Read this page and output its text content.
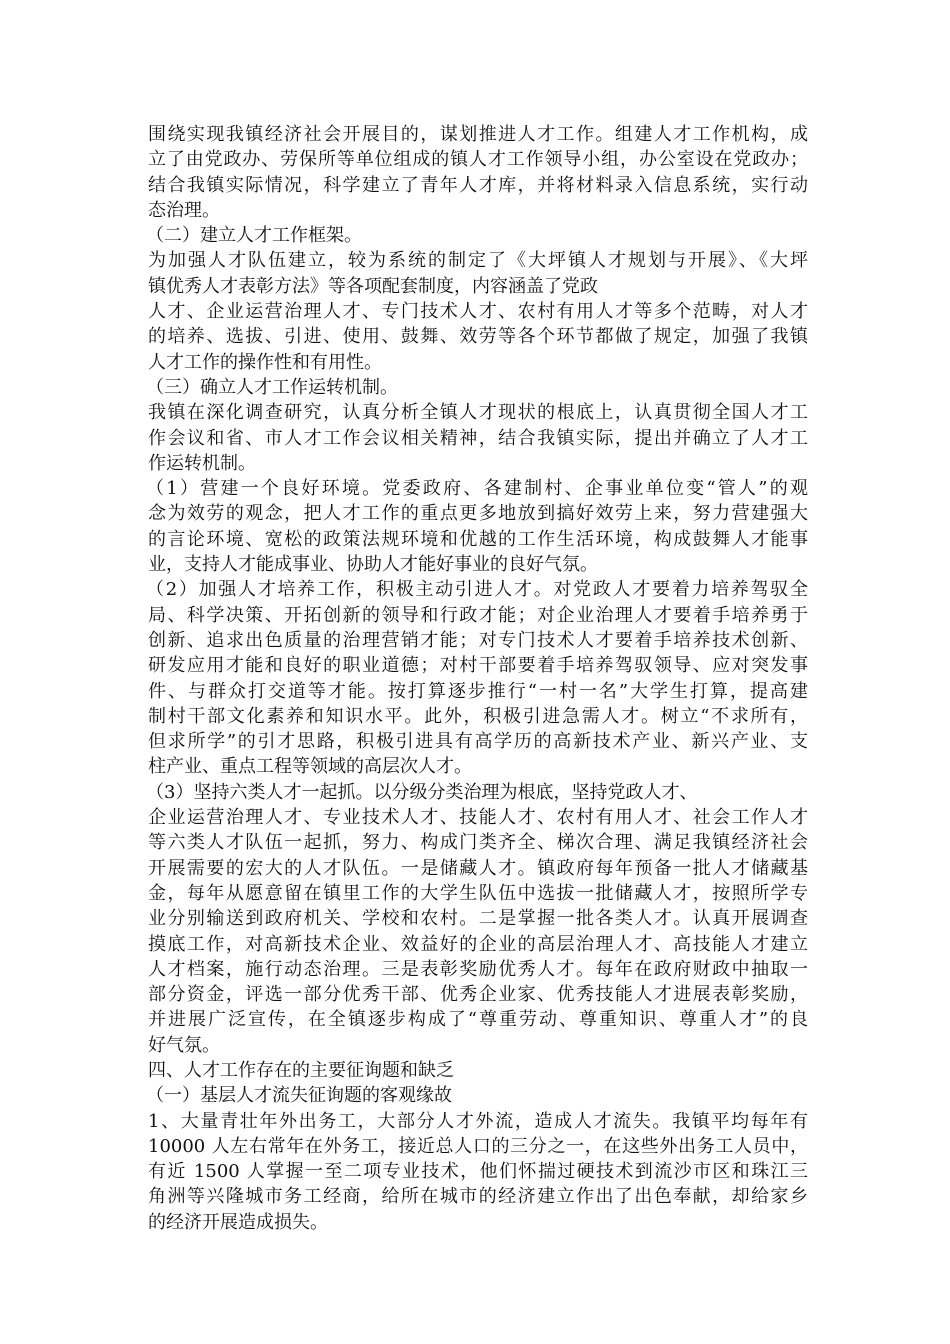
围绕实现我镇经济社会开展目的，谋划推进人才工作。组建人才工作机构，成
立了由党政办、劳保所等单位组成的镇人才工作领导小组，办公室设在党政办；
结合我镇实际情况，科学建立了青年人才库，并将材料录入信息系统，实行动
态治理。
（二）建立人才工作框架。
为加强人才队伍建立，较为系统的制定了《大坪镇人才规划与开展》、《大坪
镇优秀人才表彰方法》等各项配套制度，内容涵盖了党政
人才、企业运营治理人才、专门技术人才、农村有用人才等多个范畴，对人才
的培养、选拔、引进、使用、鼓舞、效劳等各个环节都做了规定，加强了我镇
人才工作的操作性和有用性。
（三）确立人才工作运转机制。
我镇在深化调查研究，认真分析全镇人才现状的根底上，认真贯彻全国人才工
作会议和省、市人才工作会议相关精神，结合我镇实际，提出并确立了人才工
作运转机制。
（1）营建一个良好环境。党委政府、各建制村、企事业单位变“管人”的观
念为效劳的观念，把人才工作的重点更多地放到搞好效劳上来，努力营建强大
的言论环境、宽松的政策法规环境和优越的工作生活环境，构成鼓舞人才能事
业，支持人才能成事业、协助人才能好事业的良好气氛。
（2）加强人才培养工作，积极主动引进人才。对党政人才要着力培养驾驭全
局、科学决策、开拓创新的领导和行政才能；对企业治理人才要着手培养勇于
创新、追求出色质量的治理营销才能；对专门技术人才要着手培养技术创新、
研发应用才能和良好的职业道德；对村干部要着手培养驾驭领导、应对突发事
件、与群众打交道等才能。按打算逐步推行“一村一名”大学生打算，提高建
制村干部文化素养和知识水平。此外，积极引进急需人才。树立“不求所有，
但求所学”的引才思路，积极引进具有高学历的高新技术产业、新兴产业、支
柱产业、重点工程等领域的高层次人才。
（3）坚持六类人才一起抓。以分级分类治理为根底，坚持党政人才、
企业运营治理人才、专业技术人才、技能人才、农村有用人才、社会工作人才
等六类人才队伍一起抓，努力、构成门类齐全、梯次合理、满足我镇经济社会
开展需要的宏大的人才队伍。一是储藏人才。镇政府每年预备一批人才储藏基
金，每年从愿意留在镇里工作的大学生队伍中选拔一批储藏人才，按照所学专
业分别输送到政府机关、学校和农村。二是掌握一批各类人才。认真开展调查
摸底工作，对高新技术企业、效益好的企业的高层治理人才、高技能人才建立
人才档案，施行动态治理。三是表彰奖励优秀人才。每年在政府财政中抽取一
部分资金，评选一部分优秀干部、优秀企业家、优秀技能人才进展表彰奖励，
并进展广泛宣传，在全镇逐步构成了“尊重劳动、尊重知识、尊重人才”的良
好气氛。
四、人才工作存在的主要征询题和缺乏
（一）基层人才流失征询题的客观缘故
1、大量青壮年外出务工，大部分人才外流，造成人才流失。我镇平均每年有
10000 人左右常年在外务工，接近总人口的三分之一，在这些外出务工人员中，
有近 1500 人掌握一至二项专业技术，他们怀揣过硬技术到流沙市区和珠江三
角洲等兴隆城市务工经商，给所在城市的经济建立作出了出色奉献，却给家乡
的经济开展造成损失。
